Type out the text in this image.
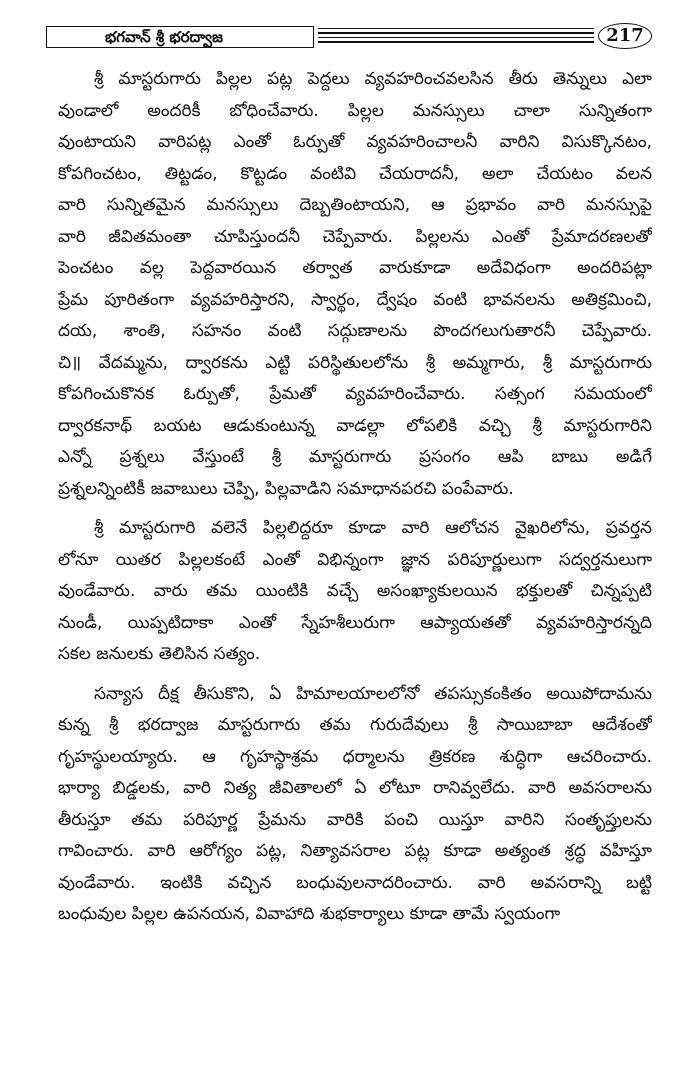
భగవాన్ శ్రీ భరద్వాజ	217
శ్రీ మాస్టరుగారు పిల్లల పట్ల పెద్దలు వ్యవహరించవలసిన తీరు తెన్నులు ఎలా
వుండాలో అందరికీ బోధించేవారు. పిల్లల మనస్సులు చాలా సున్నితంగా
వుంటాయని వారిపట్ల ఎంతో ఓర్పుతో వ్యవహరించాలనీ వారిని విసుక్కొనటం,
కోపగించటం, తిట్టడం, కొట్టడం వంటివి చేయరాదనీ, అలా చేయటం వలన
వారి సున్నితమైన మనస్సులు దెబ్బతింటాయని, ఆ ప్రభావం వారి మనస్సుపై
వారి జీవితమంతా చూపిస్తుందనీ చెప్పేవారు. పిల్లలను ఎంతో ప్రేమాదరణలతో
పెంచటం వల్ల పెద్దవారయిన తర్వాత వారుకూడా అదేవిధంగా అందరిపట్లా
ప్రేమ పూరితంగా వ్యవహరిస్తారని, స్వార్థం, ద్వేషం వంటి భావనలను అతిక్రమించి,
దయ, శాంతి, సహనం వంటి సద్గుణాలను పొందగలుగుతారనీ చెప్పేవారు.
చి॥ వేదమ్మను, ద్వారకను ఎట్టి పరిస్థితులలోను శ్రీ అమ్మగారు, శ్రీ మాస్టరుగారు
కోపగించుకొనక ఓర్పుతో, ప్రేమతో వ్యవహరించేవారు. సత్సంగ సమయంలో
ద్వారకనాథ్ బయట ఆడుకుంటున్న వాడల్లా లోపలికి వచ్చి శ్రీ మాస్టరుగారిని
ఎన్నో ప్రశ్నలు వేస్తుంటే శ్రీ మాస్టరుగారు ప్రసంగం ఆపి బాబు అడిగే
ప్రశ్నలన్నింటికీ జవాబులు చెప్పి, పిల్లవాడిని సమాధానపరచి పంపేవారు.
శ్రీ మాస్టరుగారి వలెనే పిల్లలిద్దరూ కూడా వారి ఆలోచన వైఖరిలోను, ప్రవర్తన
లోనూ యితర పిల్లలకంటే ఎంతో విభిన్నంగా జ్ఞాన పరిపూర్ణులుగా సద్వర్తనులుగా
వుండేవారు. వారు తమ యింటికి వచ్చే అసంఖ్యాకులయిన భక్తులతో చిన్నప్పటి
నుండీ, యిప్పటిదాకా ఎంతో స్నేహశీలురుగా ఆప్యాయతతో వ్యవహరిస్తారన్నది
సకల జనులకు తెలిసిన సత్యం.
సన్యాస దీక్ష తీసుకొని, ఏ హిమాలయాలలోనో తపస్సుకంకితం అయిపోదామను
కున్న శ్రీ భరద్వాజ మాస్టరుగారు తమ గురుదేవులు శ్రీ సాయిబాబా ఆదేశంతో
గృహస్థులయ్యారు. ఆ గృహస్థాశ్రమ ధర్మాలను త్రికరణ శుద్ధిగా ఆచరించారు.
భార్యా బిడ్డలకు, వారి నిత్య జీవితాలలో ఏ లోటూ రానివ్వలేదు. వారి అవసరాలను
తీరుస్తూ తమ పరిపూర్ణ ప్రేమను వారికి పంచి యిస్తూ వారిని సంతృప్తులను
గావించారు. వారి ఆరోగ్యం పట్ల, నిత్యావసరాల పట్ల కూడా అత్యంత శ్రద్ధ వహిస్తూ
వుండేవారు. ఇంటికి వచ్చిన బంధువులనాదరించారు. వారి అవసరాన్ని బట్టి
బంధువుల పిల్లల ఉపనయన, వివాహాది శుభకార్యాలు కూడా తామే స్వయంగా
